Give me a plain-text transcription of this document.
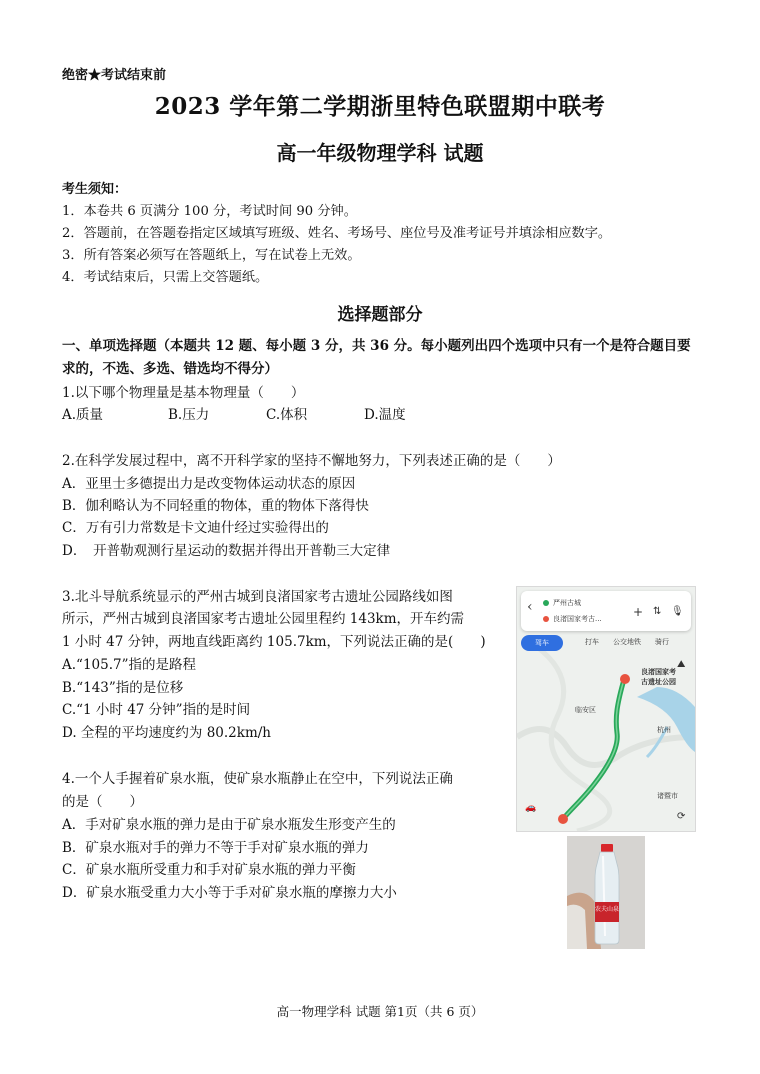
绝密★考试结束前
2023 学年第二学期浙里特色联盟期中联考
高一年级物理学科 试题
考生须知：
1．本卷共 6 页满分 100 分，考试时间 90 分钟。
2．答题前，在答题卷指定区域填写班级、姓名、考场号、座位号及准考证号并填涂相应数字。
3．所有答案必须写在答题纸上，写在试卷上无效。
4．考试结束后，只需上交答题纸。
选择题部分
一、单项选择题（本题共 12 题、每小题 3 分，共 36 分。每小题列出四个选项中只有一个是符合题目要求的，不选、多选、错选均不得分）
1.以下哪个物理量是基本物理量（　　）
A.质量	B.压力	C.体积	D.温度
2.在科学发展过程中，离不开科学家的坚持不懈地努力，下列表述正确的是（　　）
A．亚里士多德提出力是改变物体运动状态的原因
B．伽利略认为不同轻重的物体，重的物体下落得快
C．万有引力常数是卡文迪什经过实验得出的
D．　开普勒观测行星运动的数据并得出开普勒三大定律
3.北斗导航系统显示的严州古城到良渚国家考古遗址公园路线如图
所示，严州古城到良渚国家考古遗址公园里程约 143km，开车约需
1 小时 47 分钟，两地直线距离约 105.7km，下列说法正确的是(　　)
A.“105.7”指的是路程
B.“143”指的是位移
C.“1 小时 47 分钟”指的是时间
D. 全程的平均速度约为 80.2km/h
‹	严州古城
良渚国家考古...	+ ⇅ 🎙
驾车	打车 公交地铁 骑行
良渚国家考古遗址公园
临安区
杭州
诸暨市
⛰
⟳
🚗
4.一个人手握着矿泉水瓶，使矿泉水瓶静止在空中，下列说法正确
的是（　　）
A．手对矿泉水瓶的弹力是由于矿泉水瓶发生形变产生的
B．矿泉水瓶对手的弹力不等于手对矿泉水瓶的弹力
C．矿泉水瓶所受重力和手对矿泉水瓶的弹力平衡
D．矿泉水瓶受重力大小等于手对矿泉水瓶的摩擦力大小
农夫山泉
高一物理学科 试题 第1页（共 6 页）
